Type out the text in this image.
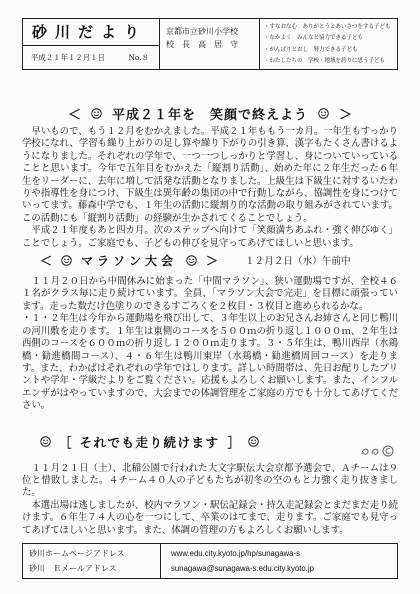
砂川だより
平成２１年１２月１日	No.８
京都市立砂川小学校
校　長　高　居　守
・すなおな心　ありがとうとあいさつをする子ども
・なかよく　みんなと協力できる子ども
・がんばりとおし　努力できる子ども
・わたしたちの　学校・地域を誇りに思う子ども
＜ 平成２１年を　笑顔で終えよう ＞

　早いもので、もう１２月をむかえました。平成２１年ももう一カ月。一年生もすっかり学校になれ、学習も繰り上がりの足し算や繰り下がりの引き算、漢字もたくさん書けるようになりました。それぞれの学年で、一つ一つしっかりと学習し、身についていっていることと思います。今年で五年目をむかえた「縦割り活動」、始めた年に２年生だった６年生をリーダーに、去年に増して活発な活動となりました。上級生は下級生に対するいたわりや指導性を身につけ、下級生は異年齢の集団の中で行動しながら、協調性を身につけていってます。藤森中学でも、１年生の活動に縦割り的な活動の取り組みがされています。この活動にも「縦割り活動」の経験が生かされてくることでしょう。

　平成２１年度もあと四カ月。次のステップへ向けて「笑顔満ちあふれ・強く伸びゆく」ことでしょう。ご家庭でも、子どもの伸びを見守ってあげてほしいと思います。

＜ マラソン大会 ＞	１２月２日（水）午前中

　１１月２０日から中間休みに始まった「中間マラソン」、狭い運動場ですが、全校４６１名がクラス毎に走り続けています。全員、「マラソン大会で完走」を目標に頑張っています。走った数だけ色塗りのできるすごろくを２枚目・３枚目と進められるかな。

・１・２年生は今年から運動場を飛び出して、３年生以上のお兄さんお姉さんと同じ鴨川の河川敷を走ります。１年生は東側のコースを５００ｍの折り返し１０００ｍ、２年生は西側のコースを６００ｍの折り返し１２００ｍ走ります。３・５年生は、鴨川西岸（水鶏橋・勧進橋間コース）、４・６年生は鴨川東岸（水鶏橋・勧進橋周回コース）を走ります。また、わかばはそれぞれの学年ではしります。詳しい時間帯は、先日お配りしたプリントや学年・学級だよりをご覧ください。応援もよろしくお願いします。また、インフルエンザがはやっていますので、大会までの体調管理をご家庭の方でも十分してあげてください。

［ それでも走り続けます ］

　１１月２１日（土）、北稲公園で行われた大文字駅伝大会京都予選会で、Ａチームは９位と惜敗しました。４チーム４０人の子どもたちが初冬の空のもと力強く走り抜きました。

　本選出場は逃しましたが、校内マラソン・駅伝記録会・持久走記録会とまだまだ走り続けます。６年生７４人の心を一つにして、卒業のはてまで、走ります。ご家庭でも見守ってあげてほしいと思います。また、体調の管理の方もよろしくお願いします。

砂川ホームページアドレス
砂川　Ｅメールアドレス
www.edu.city.kyoto.jp/hp/sunagawa-s
sunagawa@sunagawa-s.edu.city.kyoto.jp
